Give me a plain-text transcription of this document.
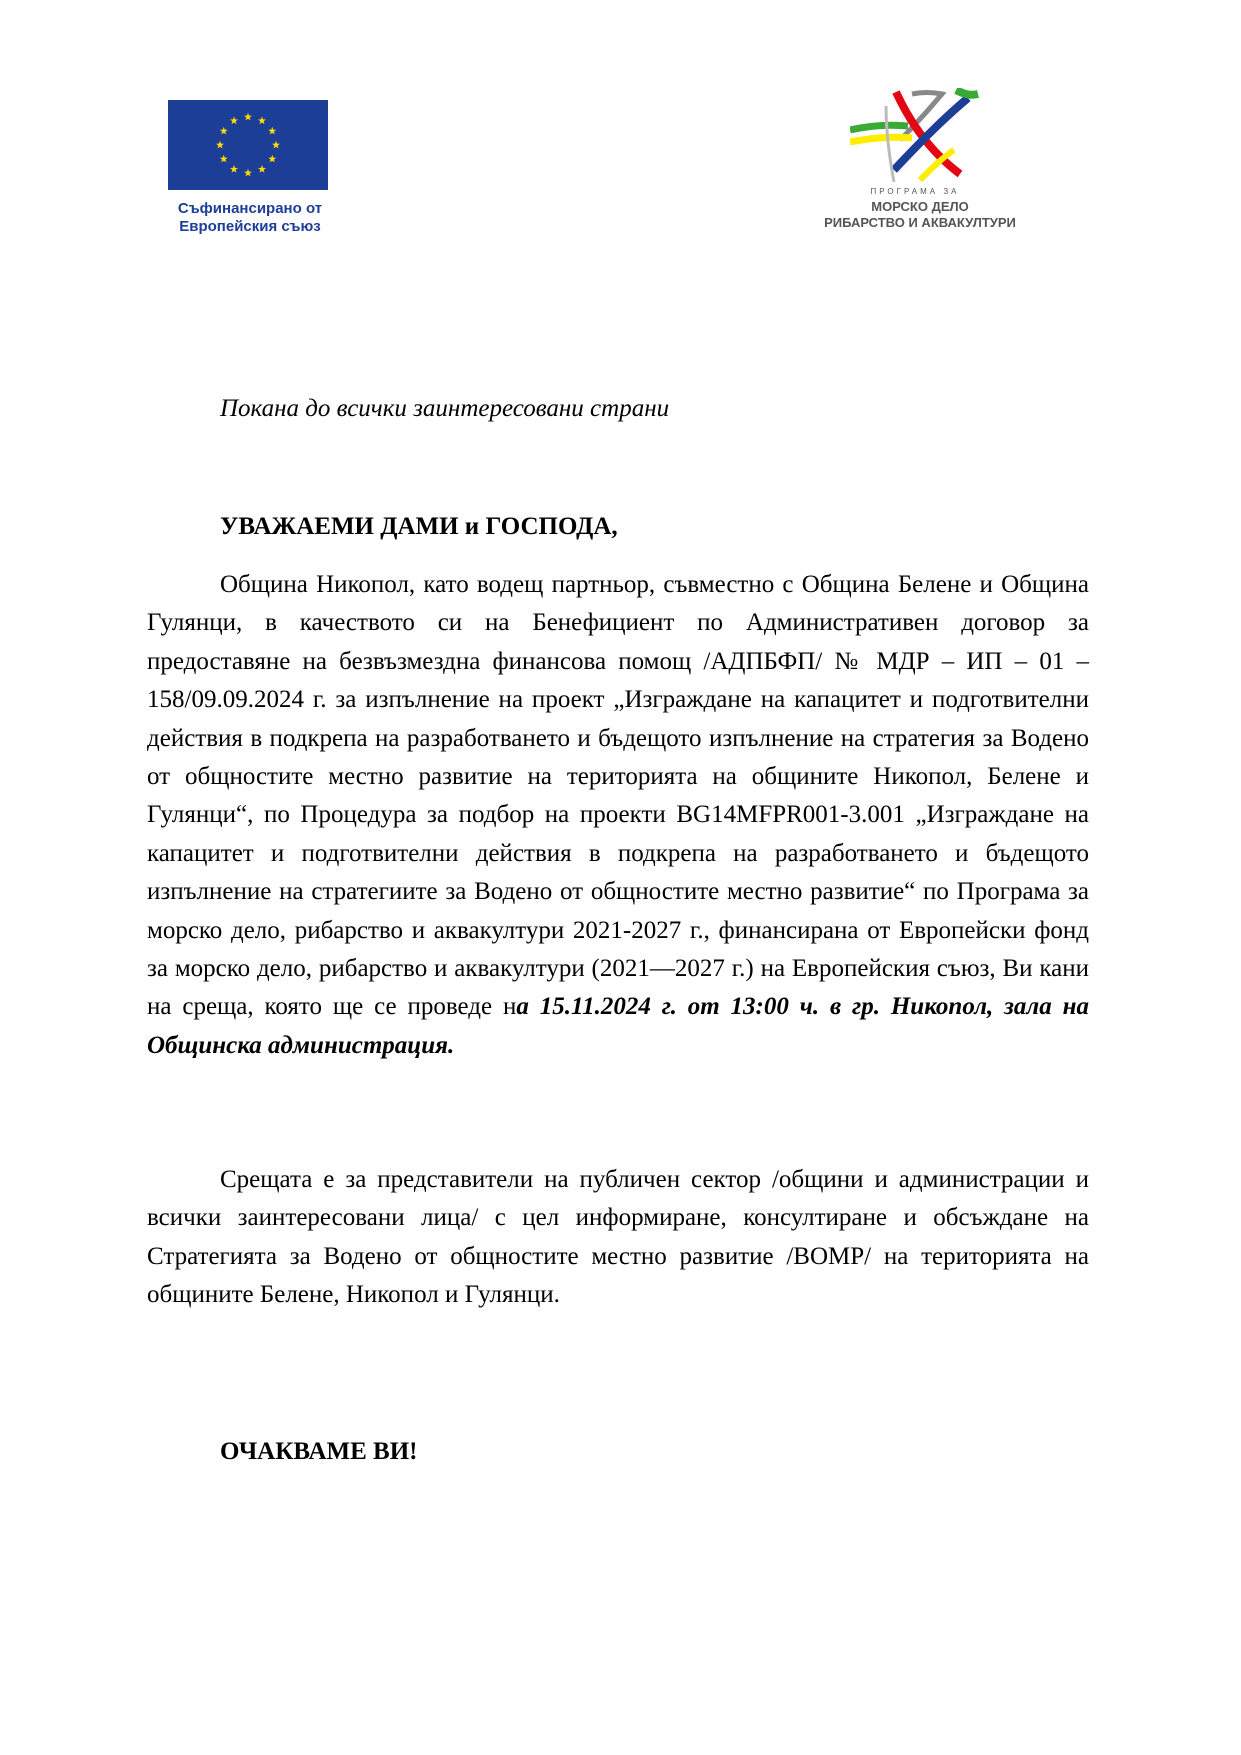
Съфинансирано от
Европейския съюз
ПРОГРАМА ЗА
МОРСКО ДЕЛО
РИБАРСТВО И АКВАКУЛТУРИ

Покана до всички заинтересовани страни

УВАЖАЕМИ ДАМИ и ГОСПОДА,

Община Никопол, като водещ партньор, съвместно с Община Белене и Община Гулянци, в качеството си на Бенефициент по Административен договор за предоставяне на безвъзмездна финансова помощ /АДПБФП/ № МДР – ИП – 01 – 158/09.09.2024 г. за изпълнение на проект „Изграждане на капацитет и подготвителни действия в подкрепа на разработването и бъдещото изпълнение на стратегия за Водено от общностите местно развитие на територията на общините Никопол, Белене и Гулянци“, по Процедура за подбор на проекти BG14MFPR001-3.001 „Изграждане на капацитет и подготвителни действия в подкрепа на разработването и бъдещото изпълнение на стратегиите за Водено от общностите местно развитие“ по Програма за морско дело, рибарство и аквакултури 2021-2027 г., финансирана от Европейски фонд за морско дело, рибарство и аквакултури (2021—2027 г.) на Европейския съюз, Ви кани на среща, която ще се проведе на 15.11.2024 г. от 13:00 ч. в гр. Никопол, зала на Общинска администрация.

Срещата е за представители на публичен сектор /общини и администрации и всички заинтересовани лица/ с цел информиране, консултиране и обсъждане на Стратегията за Водено от общностите местно развитие /ВОМР/ на територията на общините Белене, Никопол и Гулянци.

ОЧАКВАМЕ ВИ!
